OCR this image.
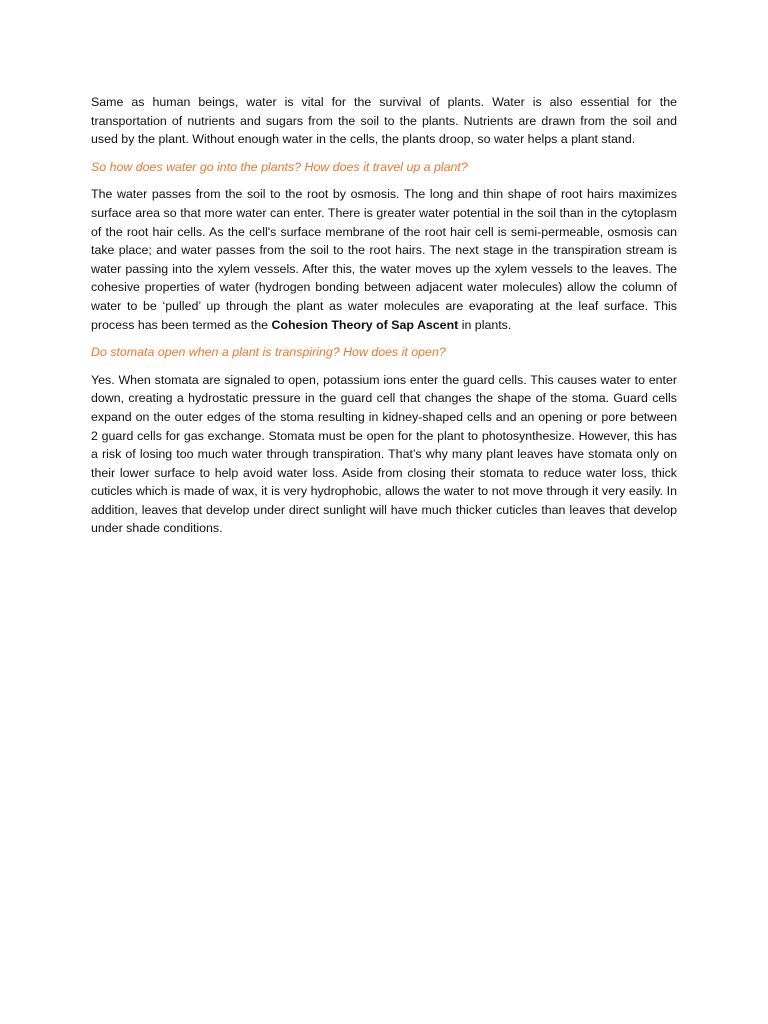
Same as human beings, water is vital for the survival of plants. Water is also essential for the transportation of nutrients and sugars from the soil to the plants. Nutrients are drawn from the soil and used by the plant. Without enough water in the cells, the plants droop, so water helps a plant stand.

So how does water go into the plants? How does it travel up a plant?

The water passes from the soil to the root by osmosis. The long and thin shape of root hairs maximizes surface area so that more water can enter. There is greater water potential in the soil than in the cytoplasm of the root hair cells. As the cell's surface membrane of the root hair cell is semi-permeable, osmosis can take place; and water passes from the soil to the root hairs. The next stage in the transpiration stream is water passing into the xylem vessels. After this, the water moves up the xylem vessels to the leaves. The cohesive properties of water (hydrogen bonding between adjacent water molecules) allow the column of water to be ‘pulled’ up through the plant as water molecules are evaporating at the leaf surface. This process has been termed as the Cohesion Theory of Sap Ascent in plants.

Do stomata open when a plant is transpiring? How does it open?

Yes. When stomata are signaled to open, potassium ions enter the guard cells. This causes water to enter down, creating a hydrostatic pressure in the guard cell that changes the shape of the stoma. Guard cells expand on the outer edges of the stoma resulting in kidney-shaped cells and an opening or pore between 2 guard cells for gas exchange. Stomata must be open for the plant to photosynthesize. However, this has a risk of losing too much water through transpiration. That’s why many plant leaves have stomata only on their lower surface to help avoid water loss. Aside from closing their stomata to reduce water loss, thick cuticles which is made of wax, it is very hydrophobic, allows the water to not move through it very easily. In addition, leaves that develop under direct sunlight will have much thicker cuticles than leaves that develop under shade conditions.
